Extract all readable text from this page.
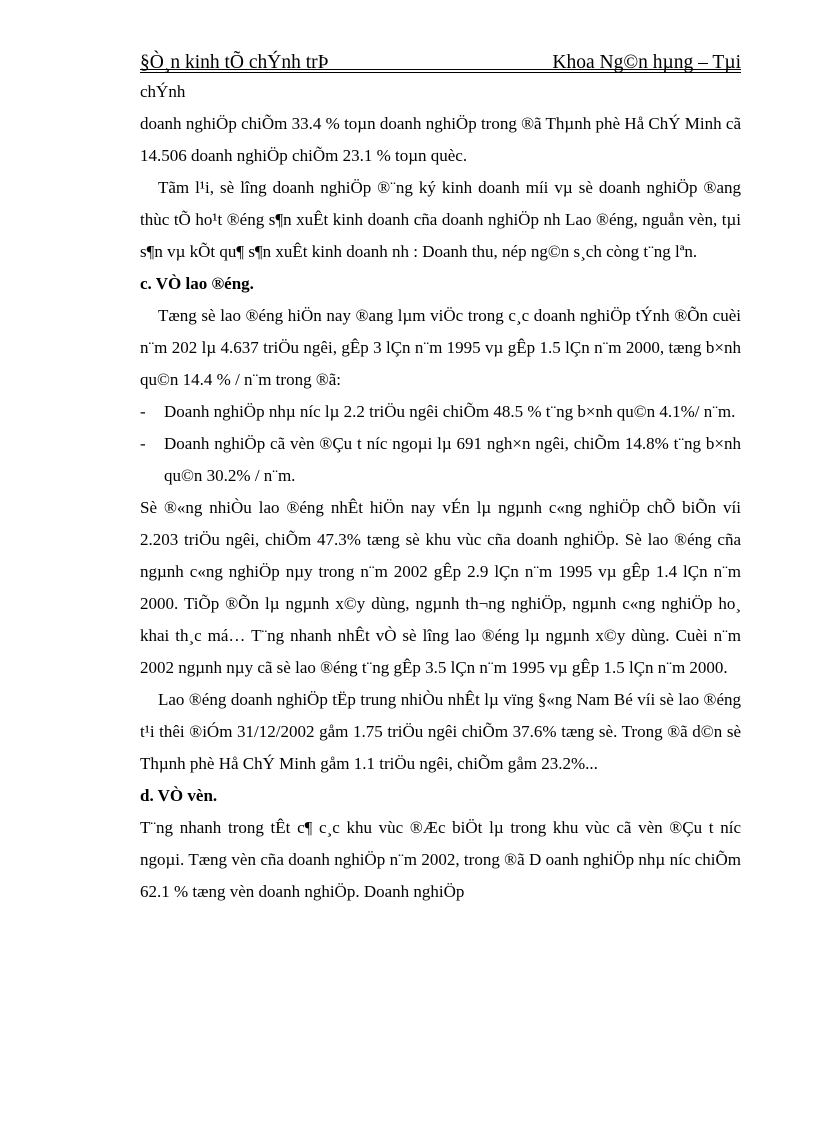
§Ò¸n kinh tÕ chÝnh trÞ	Khoa Ng©n hµng – Tµi

chÝnh

doanh nghiÖp chiÕm 33.4 % toµn doanh nghiÖp trong ®ã Thµnh phè Hå ChÝ Minh cã 14.506 doanh nghiÖp chiÕm 23.1 % toµn quèc.

Tãm l¹i, sè lîng doanh nghiÖp ®¨ng ký kinh doanh míi vµ sè doanh nghiÖp ®ang thùc tÕ ho¹t ®éng s¶n xuÊt kinh doanh cña doanh nghiÖp nh Lao ®éng, nguån vèn, tµi s¶n vµ kÕt qu¶ s¶n xuÊt kinh doanh nh : Doanh thu, nép ng©n s¸ch còng t¨ng lªn.

c. VÒ lao ®éng.

Tæng sè lao ®éng hiÖn nay ®ang lµm viÖc trong c¸c doanh nghiÖp tÝnh ®Õn cuèi n¨m 202 lµ 4.637 triÖu ngêi, gÊp 3 lÇn n¨m 1995 vµ gÊp 1.5 lÇn n¨m 2000, tæng b×nh qu©n 14.4 % / n¨m trong ®ã:

- Doanh nghiÖp nhµ níc lµ 2.2 triÖu ngêi chiÕm 48.5 % t¨ng b×nh qu©n 4.1%/ n¨m.
- Doanh nghiÖp cã vèn ®Çu t níc ngoµi lµ 691 ngh×n ngêi, chiÕm 14.8% t¨ng b×nh qu©n 30.2% / n¨m.

Sè ®«ng nhiÒu lao ®éng nhÊt hiÖn nay vÉn lµ ngµnh c«ng nghiÖp chÕ biÕn víi 2.203 triÖu ngêi, chiÕm 47.3% tæng sè khu vùc cña doanh nghiÖp. Sè lao ®éng cña ngµnh c«ng nghiÖp nµy trong n¨m 2002 gÊp 2.9 lÇn n¨m 1995 vµ gÊp 1.4 lÇn n¨m 2000. TiÕp ®Õn lµ ngµnh x©y dùng, ngµnh th¬ng nghiÖp, ngµnh c«ng nghiÖp ho¸ khai th¸c má… T¨ng nhanh nhÊt vÒ sè lîng lao ®éng lµ ngµnh x©y dùng. Cuèi n¨m 2002 ngµnh nµy cã sè lao ®éng t¨ng gÊp 3.5 lÇn n¨m 1995 vµ gÊp 1.5 lÇn n¨m 2000.

Lao ®éng doanh nghiÖp tËp trung nhiÒu nhÊt lµ vïng §«ng Nam Bé víi sè lao ®éng t¹i thêi ®iÓm 31/12/2002 gåm 1.75 triÖu ngêi chiÕm 37.6% tæng sè. Trong ®ã d©n sè Thµnh phè Hå ChÝ Minh gåm 1.1 triÖu ngêi, chiÕm gåm 23.2%...

d. VÒ vèn.

T¨ng nhanh trong tÊt c¶ c¸c khu vùc ®Æc biÖt lµ trong khu vùc cã vèn ®Çu t níc ngoµi. Tæng vèn cña doanh nghiÖp n¨m 2002, trong ®ã D oanh nghiÖp nhµ níc chiÕm 62.1 % tæng vèn doanh nghiÖp. Doanh nghiÖp
